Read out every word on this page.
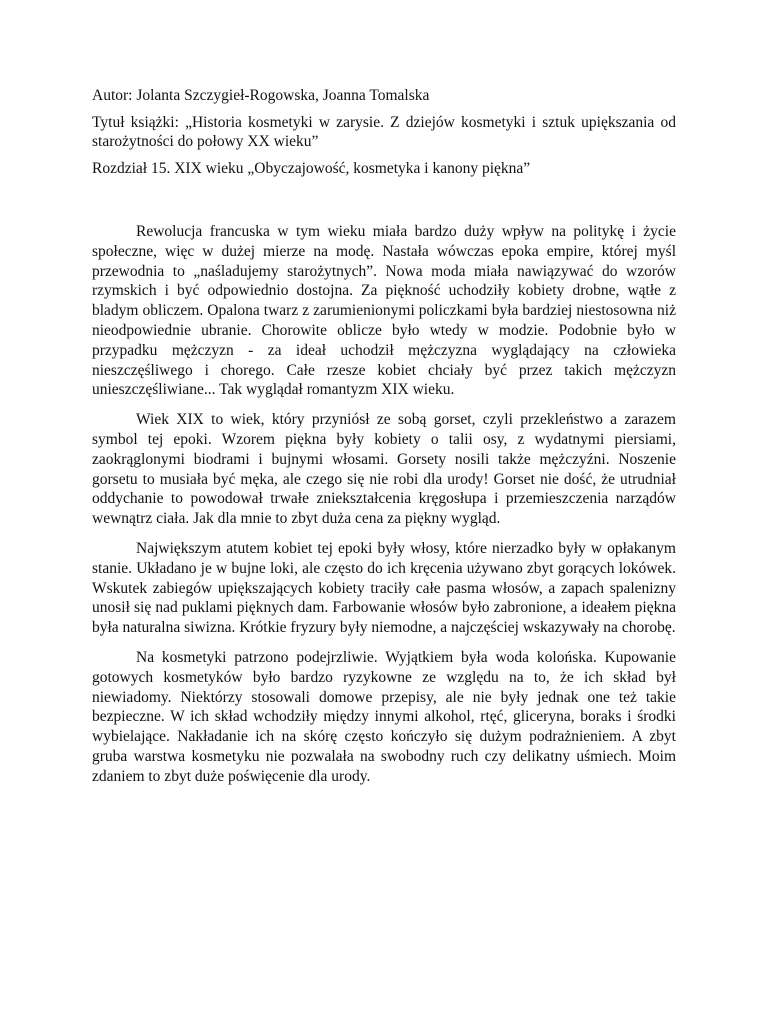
Autor: Jolanta Szczygieł-Rogowska, Joanna Tomalska

Tytuł książki: „Historia kosmetyki w zarysie. Z dziejów kosmetyki i sztuk upiększania od starożytności do połowy XX wieku”

Rozdział 15. XIX wieku „Obyczajowość, kosmetyka i kanony piękna”

Rewolucja francuska w tym wieku miała bardzo duży wpływ na politykę i życie społeczne, więc w dużej mierze na modę. Nastała wówczas epoka empire, której myśl przewodnia to „naśladujemy starożytnych”. Nowa moda miała nawiązywać do wzorów rzymskich i być odpowiednio dostojna. Za piękność uchodziły kobiety drobne, wątłe z bladym obliczem. Opalona twarz z zarumienionymi policzkami była bardziej niestosowna niż nieodpowiednie ubranie. Chorowite oblicze było wtedy w modzie. Podobnie było w przypadku mężczyzn - za ideał uchodził mężczyzna wyglądający na człowieka nieszczęśliwego i chorego. Całe rzesze kobiet chciały być przez takich mężczyzn unieszczęśliwiane... Tak wyglądał romantyzm XIX wieku.

Wiek XIX to wiek, który przyniósł ze sobą gorset, czyli przekleństwo a zarazem symbol tej epoki. Wzorem piękna były kobiety o talii osy, z wydatnymi piersiami, zaokrąglonymi biodrami i bujnymi włosami. Gorsety nosili także mężczyźni. Noszenie gorsetu to musiała być męka, ale czego się nie robi dla urody! Gorset nie dość, że utrudniał oddychanie to powodował trwałe zniekształcenia kręgosłupa i przemieszczenia narządów wewnątrz ciała. Jak dla mnie to zbyt duża cena za piękny wygląd.

Największym atutem kobiet tej epoki były włosy, które nierzadko były w opłakanym stanie. Układano je w bujne loki, ale często do ich kręcenia używano zbyt gorących lokówek. Wskutek zabiegów upiększających kobiety traciły całe pasma włosów, a zapach spalenizny unosił się nad puklami pięknych dam. Farbowanie włosów było zabronione, a ideałem piękna była naturalna siwizna. Krótkie fryzury były niemodne, a najczęściej wskazywały na chorobę.

Na kosmetyki patrzono podejrzliwie. Wyjątkiem była woda kolońska. Kupowanie gotowych kosmetyków było bardzo ryzykowne ze względu na to, że ich skład był niewiadomy. Niektórzy stosowali domowe przepisy, ale nie były jednak one też takie bezpieczne. W ich skład wchodziły między innymi alkohol, rtęć, gliceryna, boraks i środki wybielające. Nakładanie ich na skórę często kończyło się dużym podrażnieniem. A zbyt gruba warstwa kosmetyku nie pozwalała na swobodny ruch czy delikatny uśmiech. Moim zdaniem to zbyt duże poświęcenie dla urody.
